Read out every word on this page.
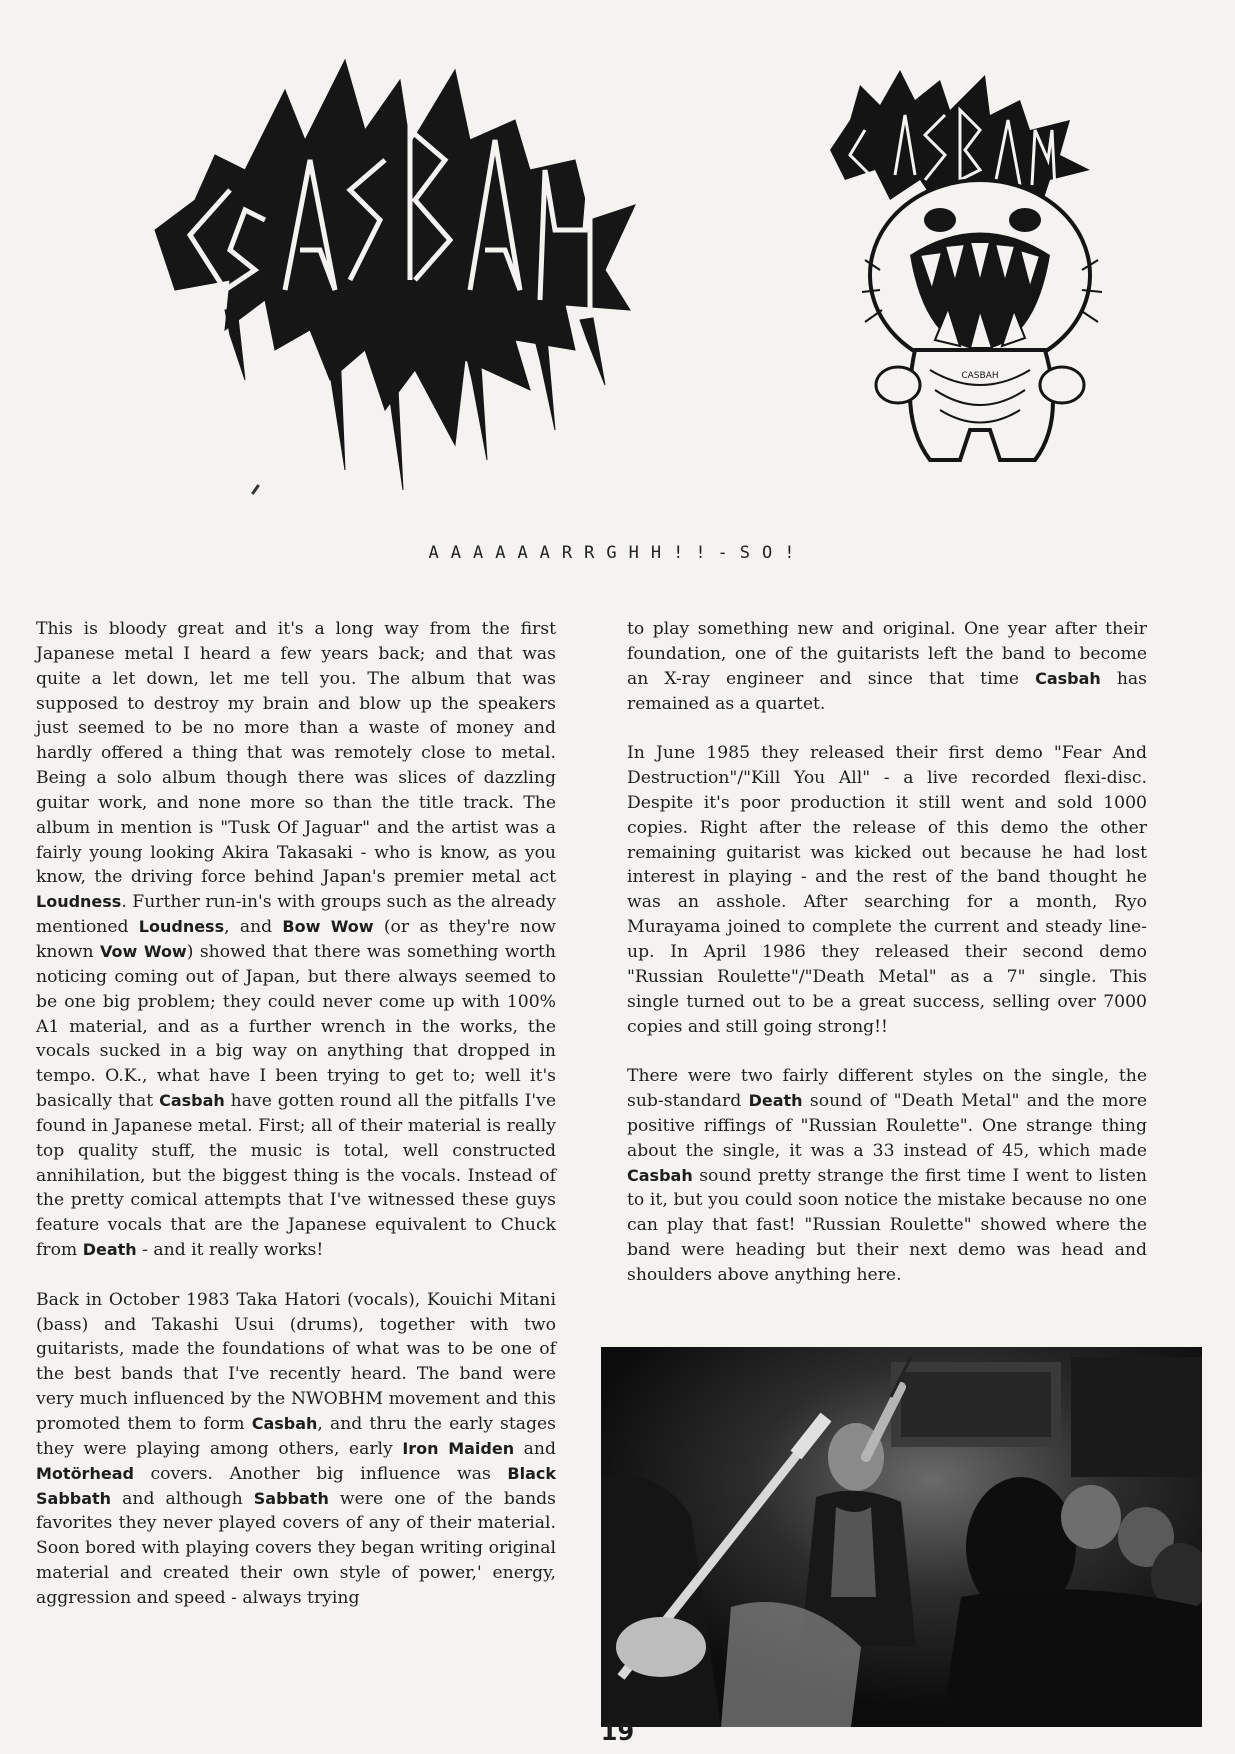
CASBAH
AAAAAARRGHH!!-SO!

This is bloody great and it's a long way from the first Japanese metal I heard a few years back; and that was quite a let down, let me tell you. The album that was supposed to destroy my brain and blow up the speakers just seemed to be no more than a waste of money and hardly offered a thing that was remotely close to metal. Being a solo album though there was slices of dazzling guitar work, and none more so than the title track. The album in mention is "Tusk Of Jaguar" and the artist was a fairly young looking Akira Takasaki - who is know, as you know, the driving force behind Japan's premier metal act Loudness. Further run-in's with groups such as the already mentioned Loudness, and Bow Wow (or as they're now known Vow Wow) showed that there was something worth noticing coming out of Japan, but there always seemed to be one big problem; they could never come up with 100% A1 material, and as a further wrench in the works, the vocals sucked in a big way on anything that dropped in tempo. O.K., what have I been trying to get to; well it's basically that Casbah have gotten round all the pitfalls I've found in Japanese metal. First; all of their material is really top quality stuff, the music is total, well constructed annihilation, but the biggest thing is the vocals. Instead of the pretty comical attempts that I've witnessed these guys feature vocals that are the Japanese equivalent to Chuck from Death - and it really works!

Back in October 1983 Taka Hatori (vocals), Kouichi Mitani (bass) and Takashi Usui (drums), together with two guitarists, made the foundations of what was to be one of the best bands that I've recently heard. The band were very much influenced by the NWOBHM movement and this promoted them to form Casbah, and thru the early stages they were playing among others, early Iron Maiden and Motörhead covers. Another big influence was Black Sabbath and although Sabbath were one of the bands favorites they never played covers of any of their material. Soon bored with playing covers they began writing original material and created their own style of power,' energy, aggression and speed - always trying

to play something new and original. One year after their foundation, one of the guitarists left the band to become an X-ray engineer and since that time Casbah has remained as a quartet.

In June 1985 they released their first demo "Fear And Destruction"/"Kill You All" - a live recorded flexi-disc. Despite it's poor production it still went and sold 1000 copies. Right after the release of this demo the other remaining guitarist was kicked out because he had lost interest in playing - and the rest of the band thought he was an asshole. After searching for a month, Ryo Murayama joined to complete the current and steady line-up. In April 1986 they released their second demo "Russian Roulette"/"Death Metal" as a 7" single. This single turned out to be a great success, selling over 7000 copies and still going strong!!

There were two fairly different styles on the single, the sub-standard Death sound of "Death Metal" and the more positive riffings of "Russian Roulette". One strange thing about the single, it was a 33 instead of 45, which made Casbah sound pretty strange the first time I went to listen to it, but you could soon notice the mistake because no one can play that fast! "Russian Roulette" showed where the band were heading but their next demo was head and shoulders above anything here.

19
